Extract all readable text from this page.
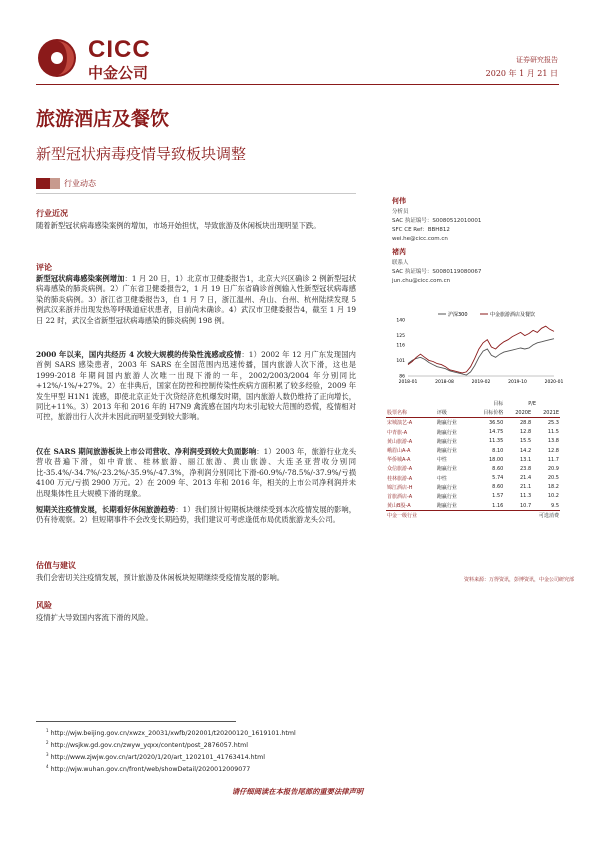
CICC
中金公司
证券研究报告
2020 年 1 月 21 日
旅游酒店及餐饮
新型冠状病毒疫情导致板块调整
行业动态
行业近况
随着新型冠状病毒感染案例的增加，市场开始担忧，导致旅游及休闲板块出现明显下跌。
评论
新型冠状病毒感染案例增加：1 月 20 日，1）北京市卫健委报告1，北京大兴区确诊 2 例新型冠状病毒感染的肺炎病例。2）广东省卫健委报告2，1 月 19 日广东省确诊首例输入性新型冠状病毒感染的肺炎病例。3）浙江省卫健委报告3，自 1 月 7 日，浙江温州、舟山、台州、杭州陆续发现 5 例武汉来浙并出现发热等呼吸道症状患者，目前尚未确诊。4）武汉市卫健委报告4，截至 1 月 19 日 22 时，武汉全省新型冠状病毒感染的肺炎病例 198 例。
2000 年以来，国内共经历 4 次较大规模的传染性流感或疫情：1）2002 年 12 月广东发现国内首例 SARS 感染患者，2003 年 SARS 在全国范围内迅速传播，国内旅游人次下滑，这也是 1999-2018 年期间国内旅游人次唯一出现下滑的一年，2002/2003/2004 年分别同比+12%/-1%/+27%。2）在非典后，国家在防控和控制传染性疾病方面积累了较多经验，2009 年发生甲型 H1N1 流感，即使北京正处于次贷经济危机爆发时期，国内旅游人数仍维持了正向增长，同比+11%。3）2013 年和 2016 年的 H7N9 禽流感在国内均未引起较大范围的恐慌，疫情相对可控，旅游出行人次并未因此而明显受到较大影响。
仅在 SARS 期间旅游板块上市公司营收、净利润受到较大负面影响：1）2003 年，旅游行业龙头营收普遍下滑，如中青旅、桂林旅游、丽江旅游、黄山旅游、大连圣亚营收分别同比-35.4%/-34.7%/-23.2%/-35.9%/-47.3%，净利润分别同比下滑-60.9%/-78.5%/-37.9%/亏损 4100 万元/亏损 2900 万元。2）在 2009 年、2013 年和 2016 年，相关的上市公司净利润并未出现集体性且大规模下滑的现象。
短期关注疫情发展，长期看好休闲旅游趋势：1）我们预计短期板块继续受到本次疫情发展的影响，仍有待观察。2）但短期事件不会改变长期趋势，我们建议可考虑逢低布局优质旅游龙头公司。
估值与建议
我们会密切关注疫情发展，预计旅游及休闲板块短期继续受疫情发展的影响。
风险
疫情扩大导致国内客流下滑的风险。
何伟
分析员
SAC 执证编号：S0080512010001
SFC CE Ref：BBH812
wei.he@cicc.com.cn
褚芮
联系人
SAC 执证编号：S0080119080067
jun.chu@cicc.com.cn
86
101
116
125
140
2018-01	2018-08	2019-02	2019-10	2020-01
沪深300	中金旅游酒店及餐饮
		目标	P/E	
股票名称	评级	目标价格	2020E	2021E
宋城演艺-A	跑赢行业	36.50	28.8	25.3
中青旅-A	跑赢行业	14.75	12.8	11.5
黄山旅游-A	跑赢行业	11.35	15.5	13.8
峨眉山A-A	跑赢行业	8.10	14.2	12.8
华侨城A-A	中性	18.00	13.1	11.7
众信旅游-A	跑赢行业	8.60	23.8	20.9
桂林旅游-A	中性	5.74	21.4	20.5
锦江酒店-H	跑赢行业	8.60	21.1	18.2
首旅酒店-A	跑赢行业	1.57	11.3	10.2
黄山B股-A	跑赢行业	1.16	10.7	9.5
中金一级行业			可选消费	
资料来源：万得资讯，彭博资讯，中金公司研究部
$^1$ http://wjw.beijing.gov.cn/xwzx_20031/xwfb/202001/t20200120_1619101.html
$^2$ http://wsjkw.gd.gov.cn/zwyw_yqxx/content/post_2876057.html
$^3$ http://www.zjwjw.gov.cn/art/2020/1/20/art_1202101_41763414.html
$^4$ http://wjw.wuhan.gov.cn/front/web/showDetail/2020012009077
请仔细阅读在本报告尾部的重要法律声明
